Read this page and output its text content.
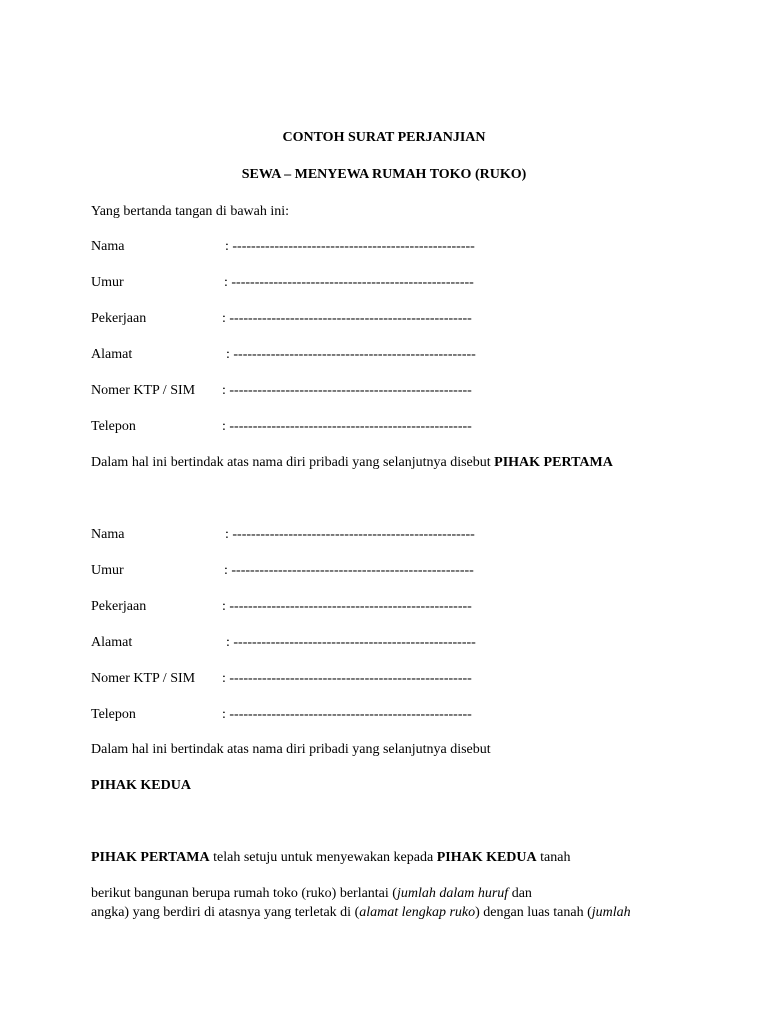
CONTOH SURAT PERJANJIAN
SEWA – MENYEWA RUMAH TOKO (RUKO)
Yang bertanda tangan di bawah ini:
Nama	: ----------------------------------------------------
Umur	: ----------------------------------------------------
Pekerjaan	: ----------------------------------------------------
Alamat	: ----------------------------------------------------
Nomer KTP / SIM : ----------------------------------------------------
Telepon	: ----------------------------------------------------
Dalam hal ini bertindak atas nama diri pribadi yang selanjutnya disebut PIHAK PERTAMA
Nama	: ----------------------------------------------------
Umur	: ----------------------------------------------------
Pekerjaan	: ----------------------------------------------------
Alamat	: ----------------------------------------------------
Nomer KTP / SIM : ----------------------------------------------------
Telepon	: ----------------------------------------------------
Dalam hal ini bertindak atas nama diri pribadi yang selanjutnya disebut
PIHAK KEDUA
PIHAK PERTAMA telah setuju untuk menyewakan kepada PIHAK KEDUA tanah
berikut bangunan berupa rumah toko (ruko) berlantai (jumlah dalam huruf dan
angka) yang berdiri di atasnya yang terletak di (alamat lengkap ruko) dengan luas tanah (jumlah
